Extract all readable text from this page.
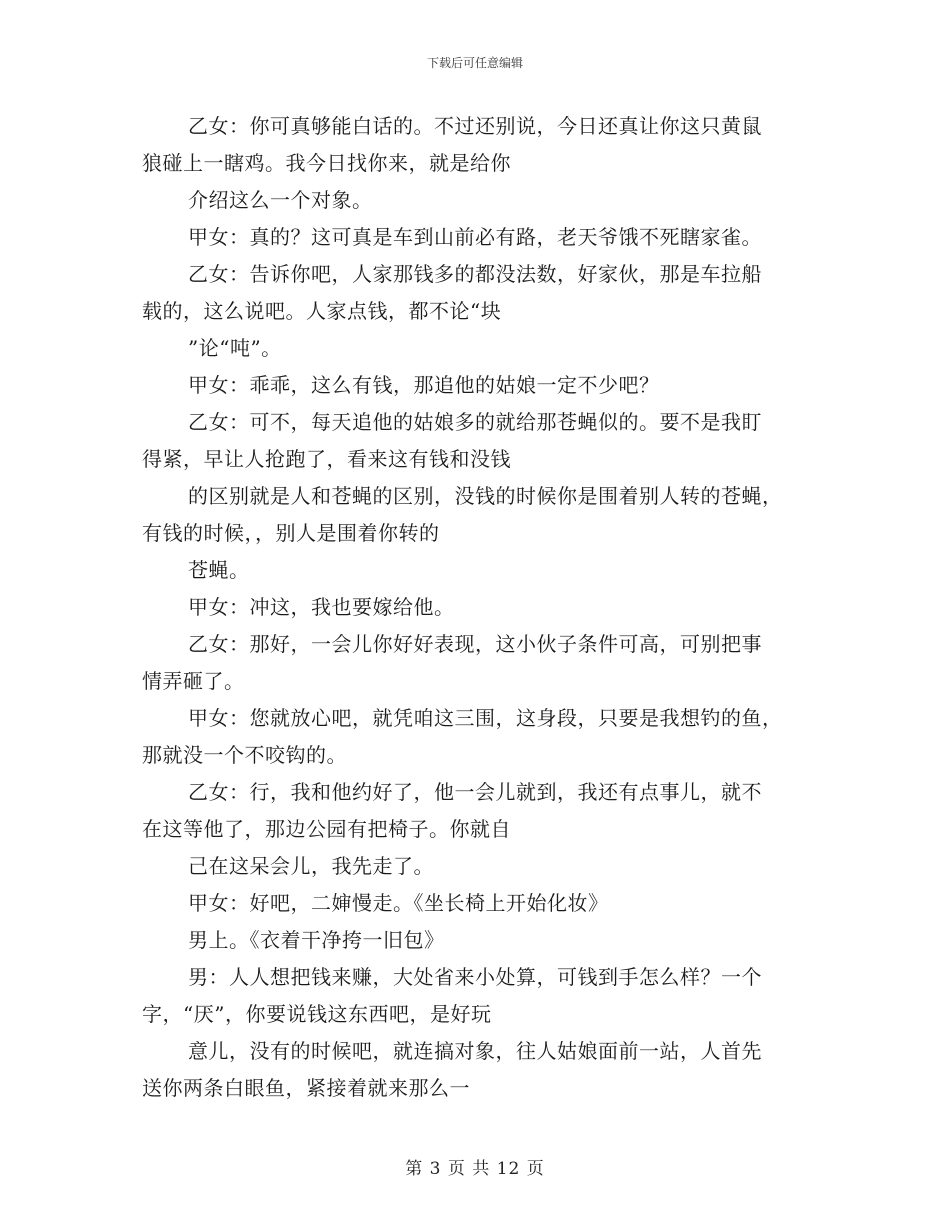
下载后可任意编辑
乙女：你可真够能白话的。不过还别说，今日还真让你这只黄鼠
狼碰上一瞎鸡。我今日找你来，就是给你
介绍这么一个对象。
甲女：真的？这可真是车到山前必有路，老天爷饿不死瞎家雀。
乙女：告诉你吧，人家那钱多的都没法数，好家伙，那是车拉船
载的，这么说吧。人家点钱，都不论“块
”论“吨”。
甲女：乖乖，这么有钱，那追他的姑娘一定不少吧？
乙女：可不，每天追他的姑娘多的就给那苍蝇似的。要不是我盯
得紧，早让人抢跑了，看来这有钱和没钱
的区别就是人和苍蝇的区别，没钱的时候你是围着别人转的苍蝇，
有钱的时候，，别人是围着你转的
苍蝇。
甲女：冲这，我也要嫁给他。
乙女：那好，一会儿你好好表现，这小伙子条件可高，可别把事
情弄砸了。
甲女：您就放心吧，就凭咱这三围，这身段，只要是我想钓的鱼，
那就没一个不咬钩的。
乙女：行，我和他约好了，他一会儿就到，我还有点事儿，就不
在这等他了，那边公园有把椅子。你就自
己在这呆会儿，我先走了。
甲女：好吧，二婶慢走。《坐长椅上开始化妆》
男上。《衣着干净挎一旧包》
男：人人想把钱来赚，大处省来小处算，可钱到手怎么样？一个
字，“厌”，你要说钱这东西吧，是好玩
意儿，没有的时候吧，就连搞对象，往人姑娘面前一站，人首先
送你两条白眼鱼，紧接着就来那么一
第 3 页 共 12 页
